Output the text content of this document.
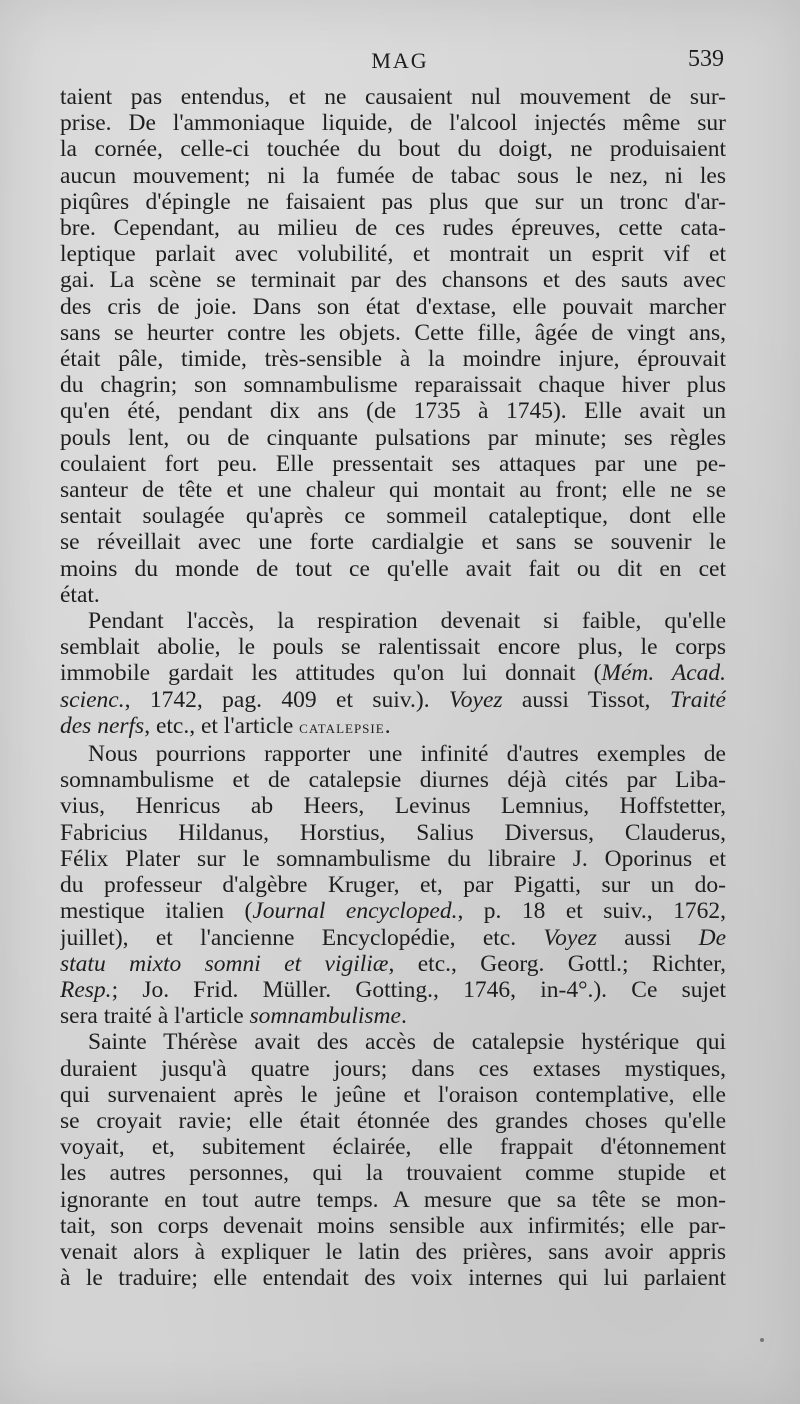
MAG	539

taient pas entendus, et ne causaient nul mouvement de sur-
prise. De l'ammoniaque liquide, de l'alcool injectés même sur
la cornée, celle-ci touchée du bout du doigt, ne produisaient
aucun mouvement; ni la fumée de tabac sous le nez, ni les
piqûres d'épingle ne faisaient pas plus que sur un tronc d'ar-
bre. Cependant, au milieu de ces rudes épreuves, cette cata-
leptique parlait avec volubilité, et montrait un esprit vif et
gai. La scène se terminait par des chansons et des sauts avec
des cris de joie. Dans son état d'extase, elle pouvait marcher
sans se heurter contre les objets. Cette fille, âgée de vingt ans,
était pâle, timide, très-sensible à la moindre injure, éprouvait
du chagrin; son somnambulisme reparaissait chaque hiver plus
qu'en été, pendant dix ans (de 1735 à 1745). Elle avait un
pouls lent, ou de cinquante pulsations par minute; ses règles
coulaient fort peu. Elle pressentait ses attaques par une pe-
santeur de tête et une chaleur qui montait au front; elle ne se
sentait soulagée qu'après ce sommeil cataleptique, dont elle
se réveillait avec une forte cardialgie et sans se souvenir le
moins du monde de tout ce qu'elle avait fait ou dit en cet
état.

Pendant l'accès, la respiration devenait si faible, qu'elle
semblait abolie, le pouls se ralentissait encore plus, le corps
immobile gardait les attitudes qu'on lui donnait (Mém. Acad.
scienc., 1742, pag. 409 et suiv.). Voyez aussi Tissot, Traité
des nerfs, etc., et l'article catalepsie.

Nous pourrions rapporter une infinité d'autres exemples de
somnambulisme et de catalepsie diurnes déjà cités par Liba-
vius, Henricus ab Heers, Levinus Lemnius, Hoffstetter,
Fabricius Hildanus, Horstius, Salius Diversus, Clauderus,
Félix Plater sur le somnambulisme du libraire J. Oporinus et
du professeur d'algèbre Kruger, et, par Pigatti, sur un do-
mestique italien (Journal encycloped., p. 18 et suiv., 1762,
juillet), et l'ancienne Encyclopédie, etc. Voyez aussi De
statu mixto somni et vigiliæ, etc., Georg. Gottl.; Richter,
Resp.; Jo. Frid. Müller. Gotting., 1746, in-4°.). Ce sujet
sera traité à l'article somnambulisme.

Sainte Thérèse avait des accès de catalepsie hystérique qui
duraient jusqu'à quatre jours; dans ces extases mystiques,
qui survenaient après le jeûne et l'oraison contemplative, elle
se croyait ravie; elle était étonnée des grandes choses qu'elle
voyait, et, subitement éclairée, elle frappait d'étonnement
les autres personnes, qui la trouvaient comme stupide et
ignorante en tout autre temps. A mesure que sa tête se mon-
tait, son corps devenait moins sensible aux infirmités; elle par-
venait alors à expliquer le latin des prières, sans avoir appris
à le traduire; elle entendait des voix internes qui lui parlaient
